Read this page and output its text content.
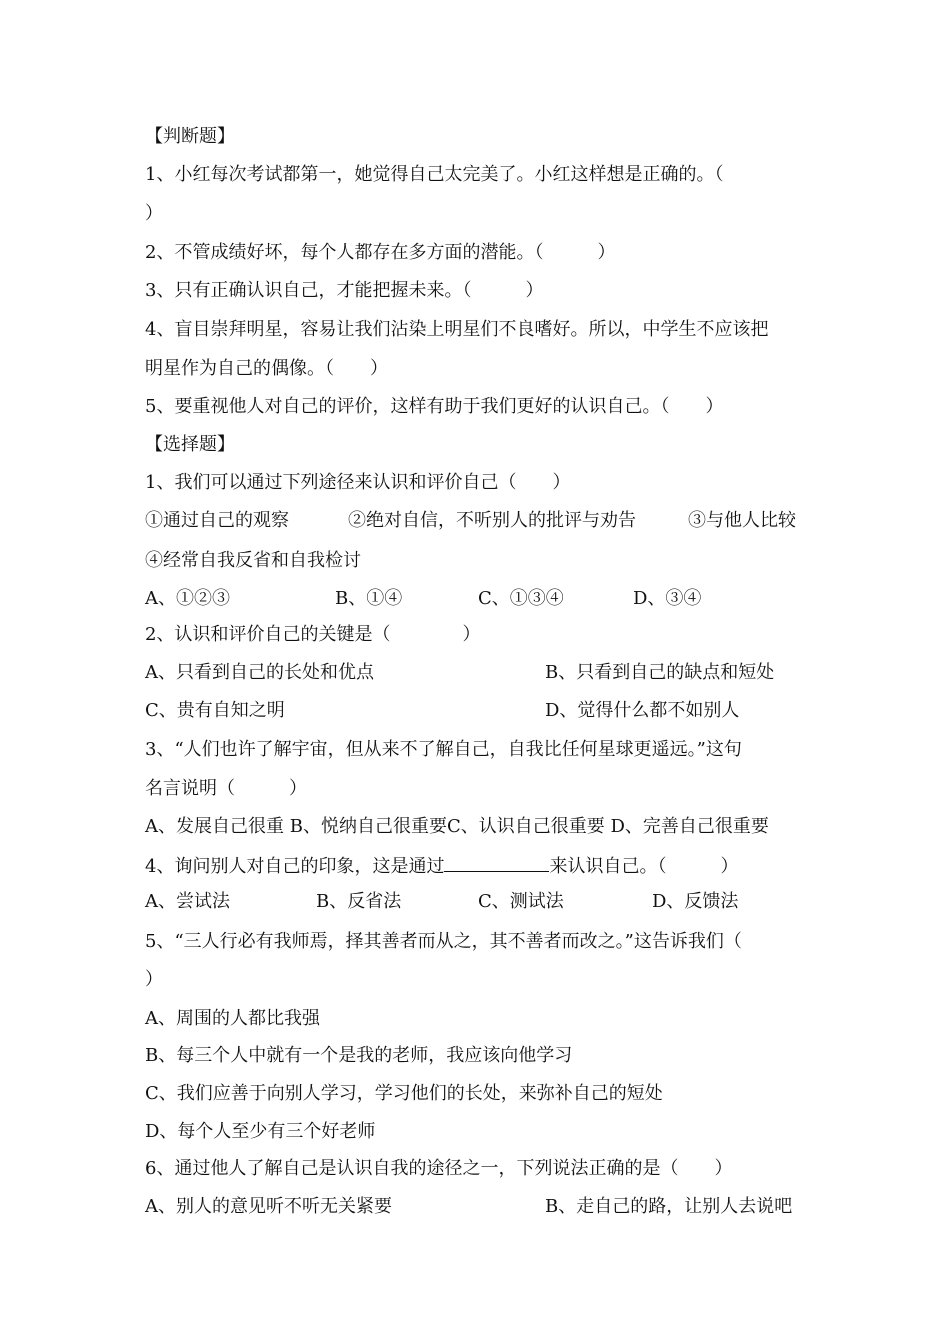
【判断题】
1、小红每次考试都第一，她觉得自己太完美了。小红这样想是正确的。（
）
2、不管成绩好坏，每个人都存在多方面的潜能。（　　　）
3、只有正确认识自己，才能把握未来。（　　　）
4、盲目崇拜明星，容易让我们沾染上明星们不良嗜好。所以，中学生不应该把
明星作为自己的偶像。（　　）
5、要重视他人对自己的评价，这样有助于我们更好的认识自己。（　　）
【选择题】
1、我们可以通过下列途径来认识和评价自己（　　）
①通过自己的观察	②绝对自信，不听别人的批评与劝告	③与他人比较
④经常自我反省和自我检讨
A、①②③	B、①④	C、①③④	D、③④
2、认识和评价自己的关键是（　　　　）
A、只看到自己的长处和优点	B、只看到自己的缺点和短处
C、贵有自知之明	D、觉得什么都不如别人
3、“人们也许了解宇宙，但从来不了解自己，自我比任何星球更遥远。”这句
名言说明（　　　）
A、发展自己很重 B、悦纳自己很重要C、认识自己很重要 D、完善自己很重要
4、询问别人对自己的印象，这是通过	来认识自己。（　　　）
A、尝试法	B、反省法	C、测试法	D、反馈法
5、“三人行必有我师焉，择其善者而从之，其不善者而改之。”这告诉我们（
）
A、周围的人都比我强
B、每三个人中就有一个是我的老师，我应该向他学习
C、我们应善于向别人学习，学习他们的长处，来弥补自己的短处
D、每个人至少有三个好老师
6、通过他人了解自己是认识自我的途径之一，下列说法正确的是（　　）
A、别人的意见听不听无关紧要	B、走自己的路，让别人去说吧
